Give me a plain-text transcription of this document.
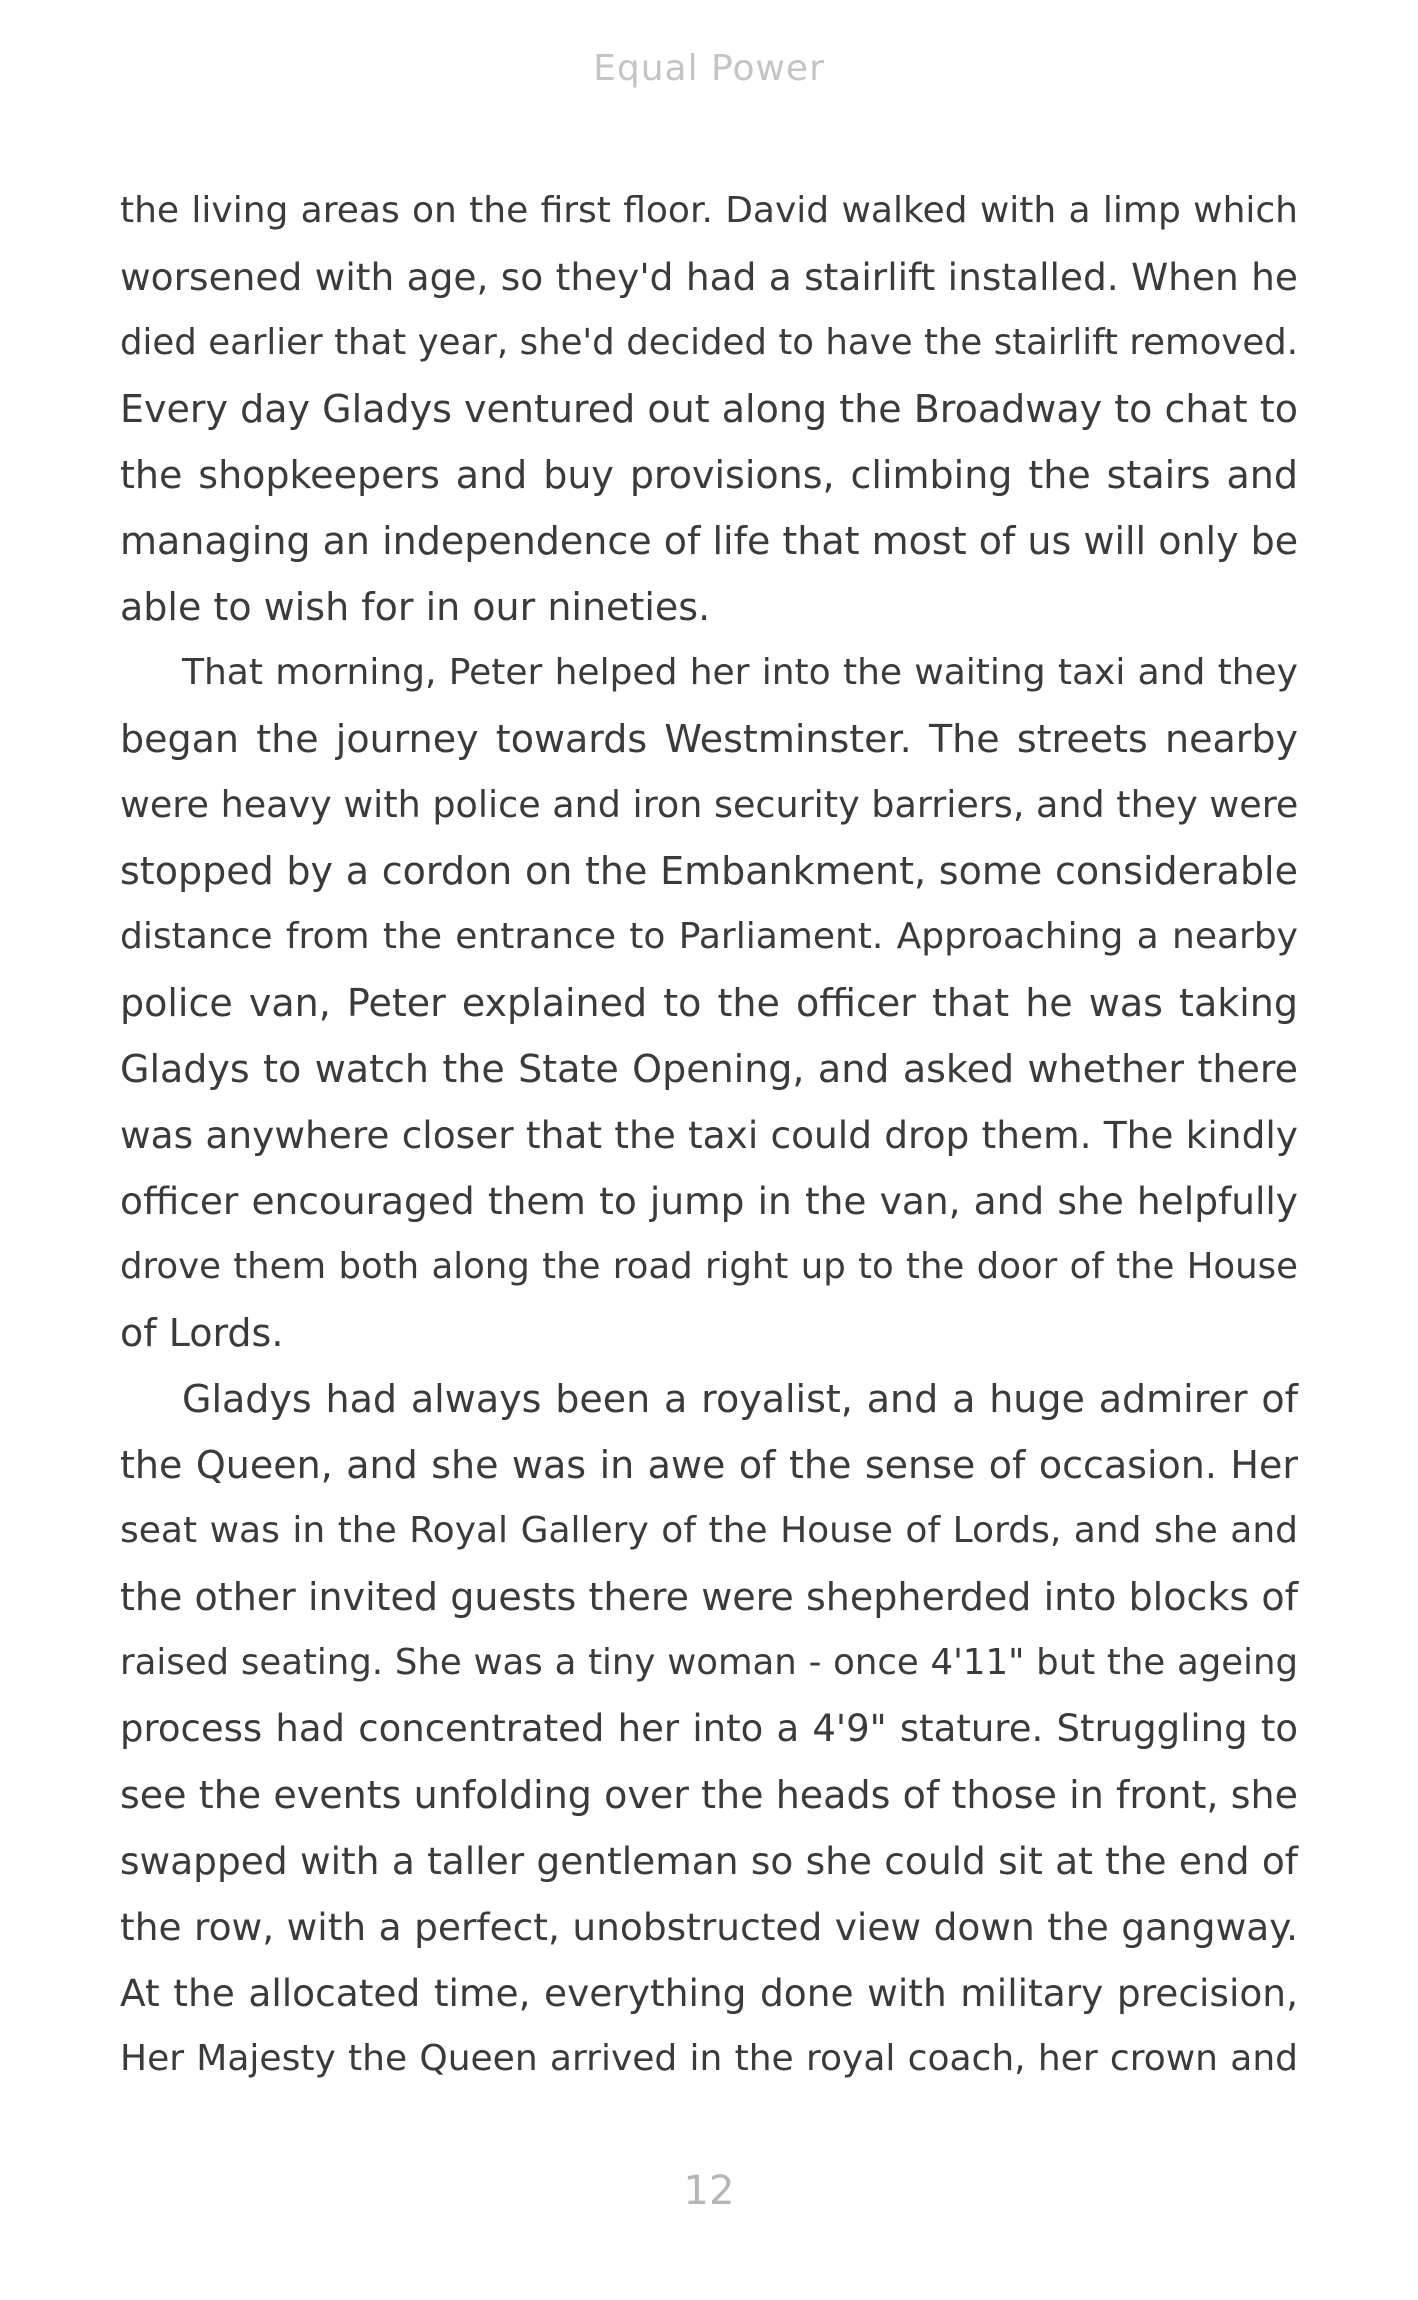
Equal Power
the living areas on the first floor. David walked with a limp which
worsened with age, so they'd had a stairlift installed. When he
died earlier that year, she'd decided to have the stairlift removed.
Every day Gladys ventured out along the Broadway to chat to
the shopkeepers and buy provisions, climbing the stairs and
managing an independence of life that most of us will only be
able to wish for in our nineties.
That morning, Peter helped her into the waiting taxi and they
began the journey towards Westminster. The streets nearby
were heavy with police and iron security barriers, and they were
stopped by a cordon on the Embankment, some considerable
distance from the entrance to Parliament. Approaching a nearby
police van, Peter explained to the officer that he was taking
Gladys to watch the State Opening, and asked whether there
was anywhere closer that the taxi could drop them. The kindly
officer encouraged them to jump in the van, and she helpfully
drove them both along the road right up to the door of the House
of Lords.
Gladys had always been a royalist, and a huge admirer of
the Queen, and she was in awe of the sense of occasion. Her
seat was in the Royal Gallery of the House of Lords, and she and
the other invited guests there were shepherded into blocks of
raised seating. She was a tiny woman - once 4'11" but the ageing
process had concentrated her into a 4'9" stature. Struggling to
see the events unfolding over the heads of those in front, she
swapped with a taller gentleman so she could sit at the end of
the row, with a perfect, unobstructed view down the gangway.
At the allocated time, everything done with military precision,
Her Majesty the Queen arrived in the royal coach, her crown and
12
